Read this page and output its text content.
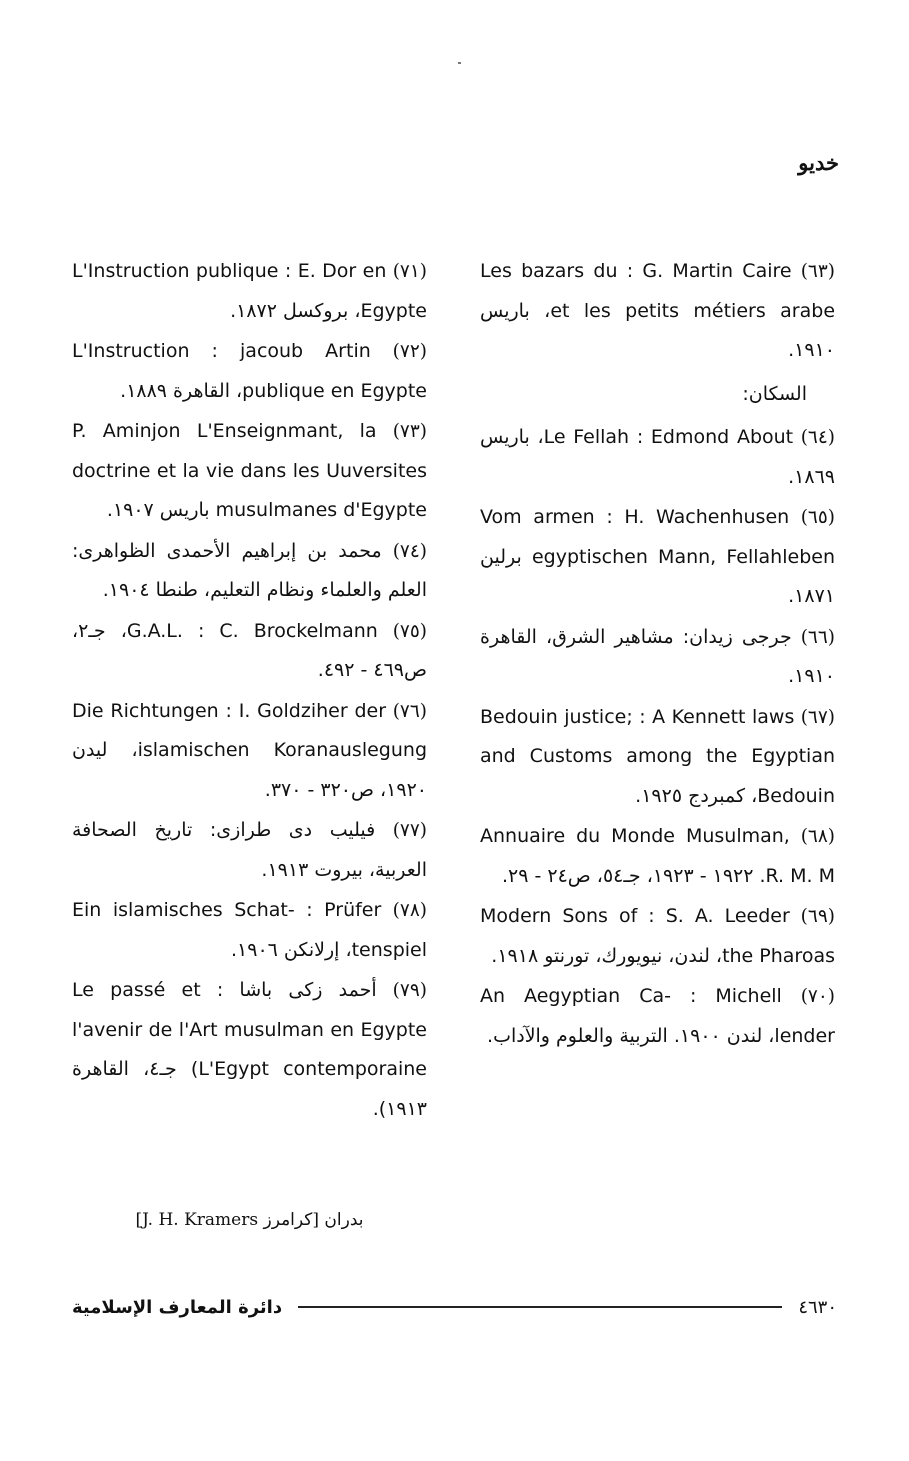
خديو

(٦٣) Les bazars du : G. Martin Caire et les petits métiers arabe، باريس ١٩١٠.

السكان:

(٦٤) Le Fellah : Edmond About، باريس ١٨٦٩.

(٦٥) Vom armen : H. Wachenhusen egyptischen Mann, Fellahleben برلين ١٨٧١.

(٦٦) جرجى زيدان: مشاهير الشرق، القاهرة ١٩١٠.

(٦٧) Bedouin justice; : A Kennett laws and Customs among the Egyptian Bedouin، كمبردج ١٩٢٥.

(٦٨) Annuaire du Monde Musulman, R. M. M. ١٩٢٢ - ١٩٢٣، جـ٥٤، ص٢٤ - ٢٩.

(٦٩) Modern Sons of : S. A. Leeder the Pharoas، لندن، نيويورك، تورنتو ١٩١٨.

(٧٠) An Aegyptian Ca- : Michell lender، لندن ١٩٠٠. التربية والعلوم والآداب.

(٧١) L'Instruction publique : E. Dor en Egypte، بروكسل ١٨٧٢.

(٧٢) L'Instruction : jacoub Artin publique en Egypte، القاهرة ١٨٨٩.

(٧٣) P. Aminjon L'Enseignmant, la doctrine et la vie dans les Uuversites musulmanes d'Egypte باريس ١٩٠٧.

(٧٤) محمد بن إبراهيم الأحمدى الظواهرى: العلم والعلماء ونظام التعليم، طنطا ١٩٠٤.

(٧٥) G.A.L. : C. Brockelmann، جـ٢، ص٤٦٩ - ٤٩٢.

(٧٦) Die Richtungen : I. Goldziher der islamischen Koranauslegung، ليدن ١٩٢٠، ص٣٢٠ - ٣٧٠.

(٧٧) فيليب دى طرازى: تاريخ الصحافة العربية، بيروت ١٩١٣.

(٧٨) Ein islamisches Schat- : Prüfer tenspiel، إرلانكن ١٩٠٦.

(٧٩) أحمد زكى باشا : Le passé et l'avenir de l'Art musulman en Egypte L'Egypt contemporaine) جـ٤، القاهرة ١٩١٣).

بدران [كرامرز J. H. Kramers]
دائرة المعارف الإسلامية	٤٦٣٠
